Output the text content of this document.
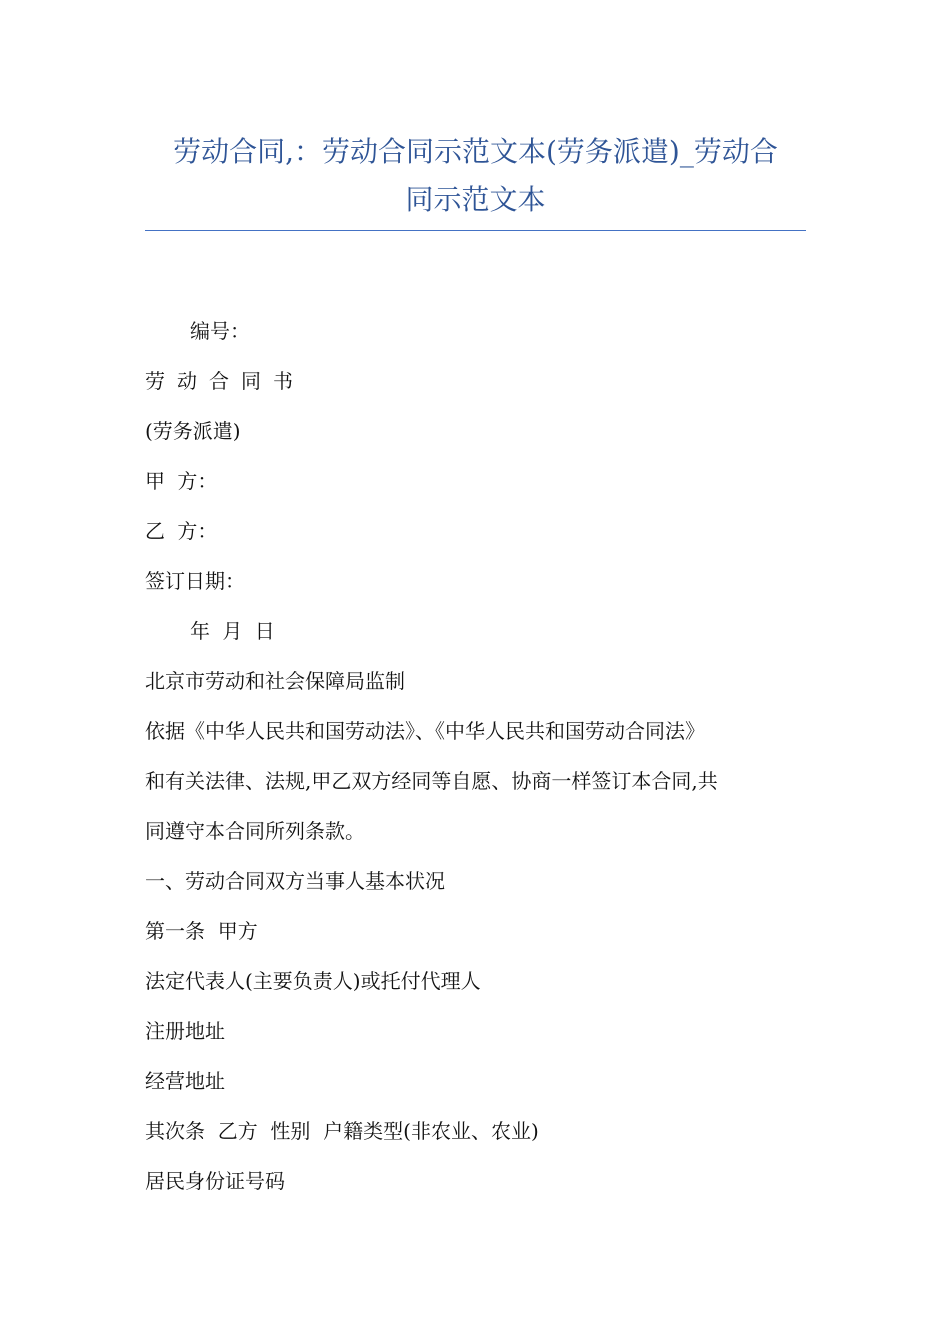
劳动合同,：劳动合同示范文本(劳务派遣)_劳动合
同示范文本
编号：
劳动合同书
(劳务派遣)
甲 方：
乙 方：
签订日期：
年 月 日
北京市劳动和社会保障局监制
依据《中华人民共和国劳动法》、《中华人民共和国劳动合同法》
和有关法律、法规,甲乙双方经同等自愿、协商一样签订本合同,共
同遵守本合同所列条款。
一、劳动合同双方当事人基本状况
第一条  甲方
法定代表人(主要负责人)或托付代理人
注册地址
经营地址
其次条  乙方  性别  户籍类型(非农业、农业)
居民身份证号码
